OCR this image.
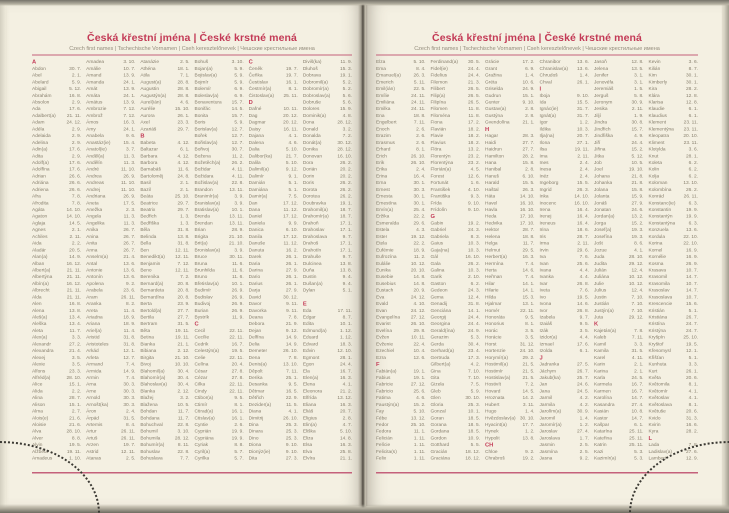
Česká křestní jména | České krstné mená
Czech first names | Tschechische Vornamen | Cseh keresztelőnevek | Чешские крестильные имена
A
Abdon 30. 7.
Abel	2. 1.
Abelard 5. 9.
Abigail 5. 12.
Abrahám 16. 8.
Absolon 2. 9.
Ada	17. 6.
Adalbert(a) 21. 11.
Adam 24. 12.
Adéla	2. 9.
Adelaida 2. 9.
Adelina 2. 9.
Adin(a) 17. 6.
Adita	2. 9.
Adolf(a) 17. 6.
Adolfína 17. 6.
Adrian 26. 6.
Adriána 26. 6.
Adriena 26. 6.
Afra	7. 8.
Afrodita 7. 8.
Agáta 14. 10.
Agaton 14. 10.
Aglaja 14. 5.
Agnes	2. 1.
Achiles 2. 11.
Aida	2. 2.
Aladár 20. 5.
Alan(a) 14. 9.
Alban 16. 12.
Albert(a) 21. 11.
Albertýna 21. 11.
Albín(a) 16. 12.
Albrecht 21. 11.
Alda	21. 11.
Alen	16. 8.
Alena	13. 8.
Aleš(a) 13. 4.
Aleška 13. 4.
Aleta	11. 7.
Alex(a)	3. 3.
Alexandr 27. 2.
Alexandra 21. 4.
Alexej	3. 5.
Alexie	3. 5.
Alfons 23. 3.
Alfréd(a) 28. 10.
Alice	15. 1.
Alida	2. 2.
Alina	28. 7.
Alison	15. 1.
Alma	2. 7.
Alois(e) 21. 6.
Aloisie 21. 6.
Alva	28. 10.
Alver	8. 8.
Alvin	19. 5.
Alžběta 19. 11.
Amadeus 1. 10.
Amadea 3. 10.
Amálie 10. 7.
Amand 13. 9.
Amanda 24. 1.
Amát	13. 9.
Amáta 24. 1.
Amátus 13. 9.
Ambrozie 7. 12.
Ambrož 7. 12.
Ámos	16. 3.
Amy	24. 1.
Anabela 9. 6.
Anastáz(ie) 15. 4.
Anatol(ie) 3. 7.
Anděl(a) 11. 3.
Andělín 11. 3.
André 11. 10.
Andrea 26. 9.
Andreas 11. 10.
Andrej 11. 10.
Andriana 26. 9.
Aneta	17. 5.
Anežka 2. 3.
Angela 11. 3.
Angelika 11. 3.
Anika	26. 7.
Anina	26. 7.
Anita	26. 7.
Anna	26. 7.
Anselm(a) 21. 4.
Antal	13. 6.
Antonie 13. 6.
Antonín 13. 6.
Apolena 9. 2.
Arabela 23. 6.
Aram 26. 11.
Aranka	8. 2.
Areta	11. 4.
Ariadna 18. 9.
Ariana 18. 9.
Ariel(a) 11. 4.
Aristid 31. 8.
Aristoteles 31. 8.
Arkád	12. 1.
Arleta	12. 7.
Armand 7. 4.
Armida 14. 9.
Armin	7. 4.
Arna	30. 3.
Arne	30. 3.
Arnold 30. 3.
Arnošt(ka) 30. 3.
Áron	2. 4.
Árpád	31. 5.
Artemis 8. 4.
Artur	26. 11.
Artuš 26. 11.
Arzen	19. 7.
Astrid 12. 11.
Atanas	2. 5.
Atanázie 2. 5.
Athéna 18. 1.
Atila	7. 1.
August(a) 28. 8.
Augustin 28. 8.
Augustýn(a) 28. 8.
Aurel(ián) 4. 6.
Aurélie 15. 10.
Aurora 26. 1.
Axel	23. 3.
Azariáš 29. 7.
B
Babeta 4. 12.
Baltazar 6. 1.
Barbara 4. 12.
Barbora 4. 12.
Barnabáš 11. 6.
Bartoloměj 24. 8.
Basil	2. 1.
Bazil	2. 1.
Beáta 25. 10.
Beatrice 29. 7.
Beatrix 29. 7.
Bedřich 1. 3.
Bedřiška 1. 3.
Běla	31. 8.
Belinda 13. 8.
Bella	31. 8.
Ben	12. 11.
Benedikt(a) 12. 11.
Benjamin 7. 12.
Beno 12. 11.
Berenika 7. 2.
Bernard(a) 20. 8.
Bernardeta 20. 8.
Bernardína 20. 8.
Berta	23. 9.
Bertold(a) 27. 7.
Bertila 27. 7.
Bertram 31. 5.
Běta	19. 11.
Betina 19. 11.
Bianka 21. 1.
Bibiana 2. 12.
Birgita 21. 10.
Bivoj	10. 10.
Blahomil(a) 30. 4.
Blahomír(a) 30. 4.
Blahoslav(a) 30. 4.
Blanka 2. 12.
Blažej	3. 2.
Blažena 10. 5.
Bohdan 11. 7.
Bohdana 11. 7.
Bohuchval 22. 8.
Bohumil 3. 10.
Bohumila 28. 12.
Bohumír(a) 8. 11.
Bohuslav 22. 8.
Bohuslava 7. 7.
Bohuš 3. 10.
Bojan(a) 5. 9.
Bojislav(a) 5. 9.
Bojmír	5. 9.
Bolemír 6. 9.
Boleslav(a) 6. 9.
Bonaventura 15. 7.
Bonifác 14. 5.
Bonita 15. 7.
Boris	5. 9.
Borislav(a) 12. 7.
Bořek	12. 7.
Bořislav(a) 12. 7.
Bořivoj 30. 7.
Božena 11. 2.
Božetěch(a) 26. 2.
Božidar 4. 11.
Božidara 4. 11.
Božislav(a) 22. 8.
Brandon 13. 11.
Branimír(a) 3. 9.
Branislav(a) 3. 9.
Bratislav(a) 10. 1.
Brenda 13. 11.
Brendan 13. 11.
Brian	28. 9.
Brigita 21. 10.
Brit(a) 21. 10.
Bronislav(a) 3. 9.
Bruce 30. 11.
Bruna	11. 6.
Brunhilda 11. 6.
Bruno	11. 6.
Břetislav(a) 10. 1.
Budimír 26. 9.
Budislav 26. 9.
Budivoj 26. 9.
Burian 26. 9.
Bystrík 11. 9.
C
Cecil	22. 11.
Cecílie 22. 11.
Cedrik 16. 7.
Celestýn(a) 19. 5.
Celie 22. 11.
Celína 20. 4.
César	27. 8.
Cézar	27. 8.
Cilka	22. 11.
Cindy 22. 11.
Ctibor(a) 9. 5.
Ctimír	8. 1.
Ctirad(a) 16. 1.
Ctislav(a) 16. 1.
Cyntie	2. 6.
Cyprián 19. 9.
Cypriána 19. 9.
Cyriak	8. 8.
Cyril(a)	5. 7.
Cyrilka	5. 7.
Č
Čeněk 19. 7.
Čeňka 19. 7.
Čestislav 16. 1.
Čestmír(a) 8. 1.
Čistoslav(a) 25. 11.
D
Dafné 10. 11.
Dag	20. 12.
Dagmar 20. 12.
Daisy 16. 11.
Dajana	4. 1.
Dalena	4. 6.
Dalia	5. 10.
Dalibor(ka) 21. 7.
Dalila	5. 10.
Dalimil(a) 9. 12.
Dalimír	9. 1.
Damián 5. 1.
Damiána 5. 1.
Damir(a) 7. 5.
Dan	17. 12.
Dana 11. 12.
Daniel 17. 12.
Daniela 9. 9.
Danica 6. 10.
Danila 17. 12.
Danuše 11. 12.
Danuta 16. 2.
Darek	26. 1.
Daria	26. 1.
Darina 27. 9.
Dario	26. 1.
Darius 26. 1.
Darja	27. 9.
David 30. 12.
Davor	9. 11.
Davorka 9. 11.
Deana	7. 8.
Debora 21. 9.
Dejan	9. 12.
Delfína 14. 9.
Delia	14. 9.
Demeter 26. 10.
Dena	7. 8.
Denis(a) 13. 10.
Děpolt 7. 11.
Derika 25. 1.
Desanka 9. 5.
Dětmar 16. 5.
Dětřich 22. 9.
Dezider(a) 11. 5.
Diana	4. 1.
Dimitrij 26. 10.
Dina	25. 3.
Dinara 25. 3.
Dino	25. 3.
Diona	9. 10.
Dionýz(ie) 9. 10.
Dita	27. 3.
Diviš(ka) 11. 9.
Dluhoš 15. 3.
Dobrava 19. 1.
Dobromil(a) 5. 2.
Dobromír(a) 5. 2.
Dobroslav(a) 5. 6.
Dobruše 5. 6.
Dolores 15. 9.
Dominik(a) 4. 8.
Dona 28. 12.
Donald	3. 2.
Donalda 7. 2.
Donát(a) 30. 12.
Donika 28. 12.
Donovan 16. 10.
Dora	26. 2.
Dorián 20. 2.
Dorin	20. 2.
Doris	26. 2.
Dorota 26. 2.
Dorotea 26. 2.
Doubravka 19. 1.
Drahomil(a) 18. 7.
Drahomír(a) 18. 7.
Drahoň 17. 1.
Drahoslav 17. 1.
Drahoslava 9. 7.
Drahoš 17. 1.
Drahotín 17. 1.
Drahuše 9. 7.
Dulcinea 13. 8.
Duňa	13. 8.
Dustin	9. 4.
Dušan(a) 9. 4.
Dylan	5. 1.
E
Eda	17. 11.
Edgar	8. 7.
Edita	10. 1.
Edmund(a) 1. 12.
Eduard 1. 12.
Edvard 18. 3.
Edvin 12. 10.
Egmont 28. 1.
Egon	24. 4.
Ela	16. 7.
Elen(a) 16. 3.
Elena	4. 1.
Eleonora 21. 2.
Elfrída 13. 12.
Eliana 16. 3.
Eliáš	20. 7.
Eligius	2. 8.
Elin(a)	4. 7.
Eliška	5. 10.
Eliza	14. 8.
Elsa	16. 3.
Elva	25. 8.
Elvíra	21. 1.
Česká křestní jména | České krstné mená
Czech first names | Tschechische Vornamen | Cseh keresztelőnevek | Чешские крестильные имена
Elza	5. 10.
Ema	8. 4.
Emanuel(a) 26. 3.
Emerich 5. 11.
Emil(ián) 22. 5.
Emílie 24. 11.
Emiliána 24. 11.
Emilka 24. 11.
Ena	18. 8.
Engelbert 7. 11.
Enoch	2. 6.
Erazim	2. 6.
Erasmus 2. 6.
Erhard	8. 1.
Erich 26. 10.
Erik	26. 10.
Erika	2. 4.
Erina	16. 4.
Erna	30. 1.
Ernest 30. 3.
Ernesta 30. 1.
Ernestína 30. 1.
Ervín(a) 25. 4.
Eržika	22. 2.
Esmeralda 29. 6.
Estela	4. 3.
Ester 19. 12.
Etela	22. 2.
Eufémie 18. 9.
Eufrozína 11. 2.
Eulálie 10. 12.
Eunika 20. 10.
Eusebie 14. 8.
Eusebius 14. 8.
Eustach 20. 9.
Eva	24. 12.
Evald	4. 10.
Evan 24. 12.
Evangelína 27. 12.
Evarist 26. 10.
Evelína 29. 8.
Evžen 10. 11.
Evženie 22. 4.
Ezechiel 10. 4.
Ezra	12. 6.
F
Fabián(a) 19. 1.
Fabius 19. 1.
Fabricie 27. 12.
Fabricio 25. 6.
Fatima	4. 6.
Faustýn(a) 15. 2.
Fay	5. 10.
Fébe 13. 12.
Fedor 25. 10.
Fedora 11. 1.
Felicián 1. 11.
Felície 1. 11.
Felicita(s) 1. 11.
Felix	1. 11.
Ferdinand(a) 30. 5.
Fidel(ie) 24. 4.
Fidelius 24. 4.
Filemon 21. 3.
Filibert 26. 5.
Filip(a) 26. 5.
Filipína 26. 5.
Filomen 11. 8.
Filoména 11. 8.
Fiona	17. 2.
Flavián 18. 2.
Flavie	18. 2.
Flavius 18. 2.
Flóra	13. 2.
Florentýn 23. 2.
Florentýna 23. 2.
Florián(a) 4. 5.
Forest 12. 6.
Fortunát 1. 6.
František 4. 10.
Františka 9. 3.
Frída	9. 10.
Frídolín 9. 10.
G
Gabin	19. 2.
Gabriel 24. 3.
Gabriela 8. 3.
Gaius	10. 3.
Gaja(na) 10. 3.
Gál	16. 10.
Gala	26. 2.
Galina 10. 3.
Garik	2. 10.
Gaston	6. 2.
Gedeon 24. 3.
Gema	12. 4.
Genadij 31. 8.
Genciána 14. 1.
Georgij 24. 4.
Georgina 24. 4.
Gerald(ína) 24. 9.
Gerazim 5. 3.
Gerda	30. 4.
Gerhard(a) 23. 4.
Gertruda 17. 3.
Gilbert(a) 4. 2.
Gina	7. 10.
Gita	7. 10.
Gizela	7. 5.
Gleb	5. 9.
Glen	30. 10.
Gloria	25. 3.
Gonzal 10. 1.
Goran	18. 5.
Gorana 18. 5.
Gordana 18. 5.
Gordon 10. 9.
Gotthard 5. 5.
Gracián 18. 12.
Graciána 18. 12.
Grácie 17. 2.
Grant	6. 9.
Gražina 1. 4.
Gréta	10. 6.
Griselda 24. 9.
Gudrun 15. 1.
Gunter 9. 10.
Gustav(a) 2. 8.
Gustýna 2. 8.
Gvendolína 21. 1.
H
Hagar	28. 3.
Haidi	27. 7.
Haidrun 27. 7.
Hamilton 28. 2.
Hana	15. 8.
Hanibal 2. 8.
Hanuš 6. 10.
Harald 15. 5.
Haštal 26. 3.
Háta	14. 10.
Havel 16. 10.
Havla 16. 10.
Heda 17. 10.
Hedvika 17. 10.
Hektor 28. 7.
Helena 18. 8.
Helga	11. 7.
Helmut 29. 5.
Herbert(a) 16. 3.
Hermína 7. 4.
Herta	14. 6.
Heřman 7. 4.
Hilar	14. 1.
Hilarie 14. 1.
Hilda	15. 3.
Hjalmar 13. 1.
Homér 22. 11.
Honoráta 9. 5.
Honorius 8. 1.
Horác	3. 5.
Horácie 3. 5.
Horst 31. 12.
Hortenzie 24. 10.
Horymír(a) 29. 2.
Hostimil(a) 21. 5.
Hostimír 21. 5.
Hostislav(a) 21. 5.
Hostivít	7. 2.
Hovard 14. 5.
Hroznata 14. 2.
Hubert 3. 11.
Hugo	1. 4.
Hvězdoslav(a) 30. 10.
Hyacint(a) 17. 7.
Hynek	1. 2.
Hypolit 13. 8.
CH
Chloe	9. 2.
Chrabroš 19. 2.
Chranibor 13. 6.
Chranislav(a) 13. 6.
Chrudoš 1. 4.
Chval	26. 1.
I
Iboja	9. 10.
Ida	15. 5.
Ignác(ie) 31. 7.
Ignát(a) 31. 7.
Igor	1. 2.
Ildika	10. 3.
Ilja(na) 20. 7.
Ilona	27. 1.
Ilsa	19. 11.
Ima	2. 11.
Ines	2. 4.
Inesa	2. 4.
Inéz	2. 4.
Ingeborg 15. 5.
Ingrid	26. 3.
Inka	14. 10.
Inocenc 16. 10.
Irena	16. 4.
Irenej	16. 4.
Ireneus 16. 4.
Irina	18. 6.
Iris	28. 7.
Irma	2. 11.
Irvin	29. 6.
Iva	7. 6.
Ivan	25. 6.
Ivana	4. 4.
Ivanka	4. 4.
Ivar	26. 8.
Iveta	7. 6.
Ivo	19. 5.
Ivona	14. 6.
Ivor	26. 8.
Izabela	9. 7.
Izaiáš	9. 5.
Izák	3. 5.
Izidor(a) 4. 4.
Izmael 17. 6.
Izolda	6. 1.
J
Jadranka 27. 5.
Jáchym 26. 7.
Jakub(ka) 25. 7.
Jan	24. 6.
Jana	24. 5.
Jarmil	4. 2.
Jarmila	4. 2.
Jarolím(a) 30. 9.
Jaromil	1. 4.
Jaromír(a) 1. 2.
Jaroslav 27. 4.
Jaroslava 1. 7.
Jasmin	2. 5.
Jasmína 2. 5.
Jasna	9. 2.
Jasoň	12. 8.
Jelena 13. 5.
Jenifer	3. 1.
Jenovéfa 3. 1.
Jeremiáš 1. 5.
Jerguš	5. 8.
Jeronym 30. 9.
Jesika	2. 11.
Jiljí	1. 9.
Jindra	30. 8.
Jindřich 15. 7.
Jindřiška 4. 9.
Jiří	24. 4.
Jiřina	15. 2.
Jitka	5. 12.
Job	10. 5.
Joel	19. 10.
Johana 21. 8.
Johanka 21. 8.
Jolana 15. 8.
Jolanta 15. 9.
Jonáš	27. 9.
Jonatan 24. 6.
Jordan(a) 13. 2.
Jorga	15. 2.
Josef(a) 19. 3.
Josefína 19. 3.
Jošt	8. 6.
Jozue	4. 1.
Juda	28. 10.
Judita 29. 12.
Julián	12. 4.
Juliána 10. 12.
Julie	10. 12.
Julius	12. 4.
Justin	7. 10.
Justián 7. 10.
Justýn(a) 7. 10.
Juta	29. 12.
K
Kajetán(a) 7. 8.
Kaleb	7. 11.
Kamil	3. 3.
Kamila 31. 5.
Karel	4. 11.
Karin	2. 1.
Karina	2. 1.
Karla	24. 5.
Karmela 16. 7.
Karmen 16. 7.
Karolína 14. 7.
Kasandra 27. 4.
Kasián 10. 8.
Kastor 14. 7.
Kašpar	6. 1.
Katarína 25. 11.
Kateřina 25. 11.
Katrin 25. 11.
Kazi	5. 3.
Kazimír(a) 5. 3.
Kevin	3. 6.
Kilián	8. 7.
Kim	30. 1.
Kimberly 30. 1.
Kira	28. 2.
Klára	12. 8.
Klarisa 12. 8.
Klaudie	6. 1.
Klaudius 6. 1.
Klement 23. 11.
Klementýna 23. 11.
Kleopatra 20. 10.
Kliment 23. 11.
Klotylda 3. 6.
Knut	28. 1.
Koleta	6. 2.
Kolin	6. 2.
Kolja	6. 2.
Koloman 13. 10.
Kolombína 26. 2.
Konrád 26. 11.
Konstanc(ie) 6. 3.
Konstantin 19. 9.
Konstantýn 19. 9.
Konstantýna 6. 3.
Konzuela 13. 6.
Kordula 22. 10.
Korina 22. 10.
Kornel 16. 9.
Kornélie 16. 9.
Kosma 26. 9.
Krasava 10. 7.
Krasomil 14. 7.
Krasomila 10. 7.
Krasoslav 14. 7.
Krasoslava 10. 7.
Krescencie 15. 6.
Kristián	5. 1.
Kristiána 26. 7.
Kristína 24. 7.
Kristýna 24. 7.
Kryšpín 25. 10.
Kryštof 19. 5.
Křesomysl 12. 1.
Křišťan	5. 1.
Kunhuta 3. 3.
Kurt	26. 1.
Květa	20. 6.
Květomila 8. 1.
Květomír 4. 1.
Květoslav 4. 1.
Květoslava 8. 1.
Květuše 20. 6.
Kvido	31. 3.
Kvirin	16. 6.
Kyra	28. 2.
L
Lada	7. 8.
Ladislav(a) 27. 6.
Lambert 12. 9.
